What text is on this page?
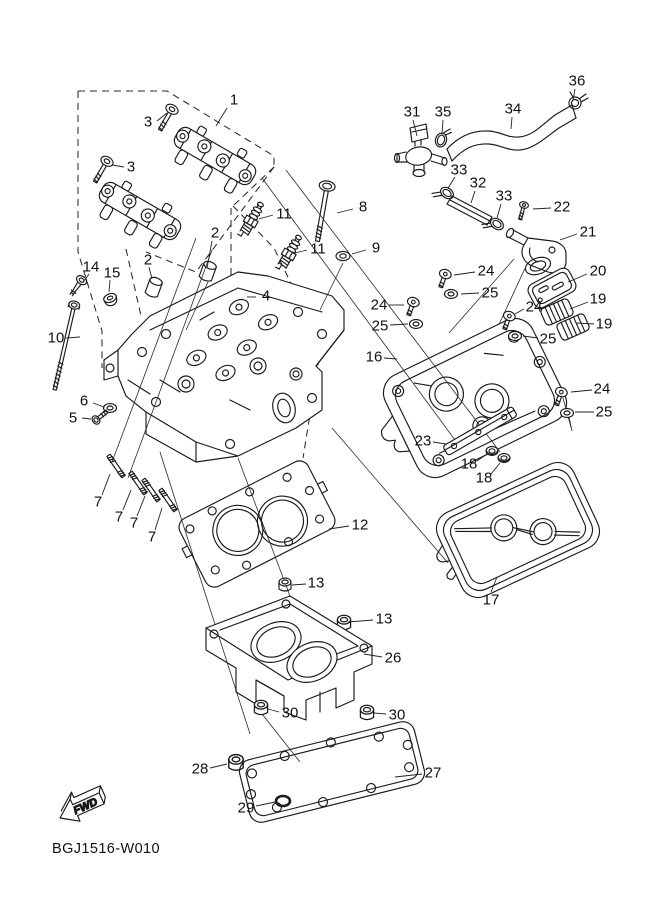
FWD
BGJ1516-W010
1
3
3
2
2
14 15
10
11
11
8
9
4
6
5
7
7 7
7
12
13
13
26
30	30
28
29
27
16
17
18
18
23
19
19
20
21
22
24
25
24
25
24
25
24
25
31 35	34
36
33
32
33
